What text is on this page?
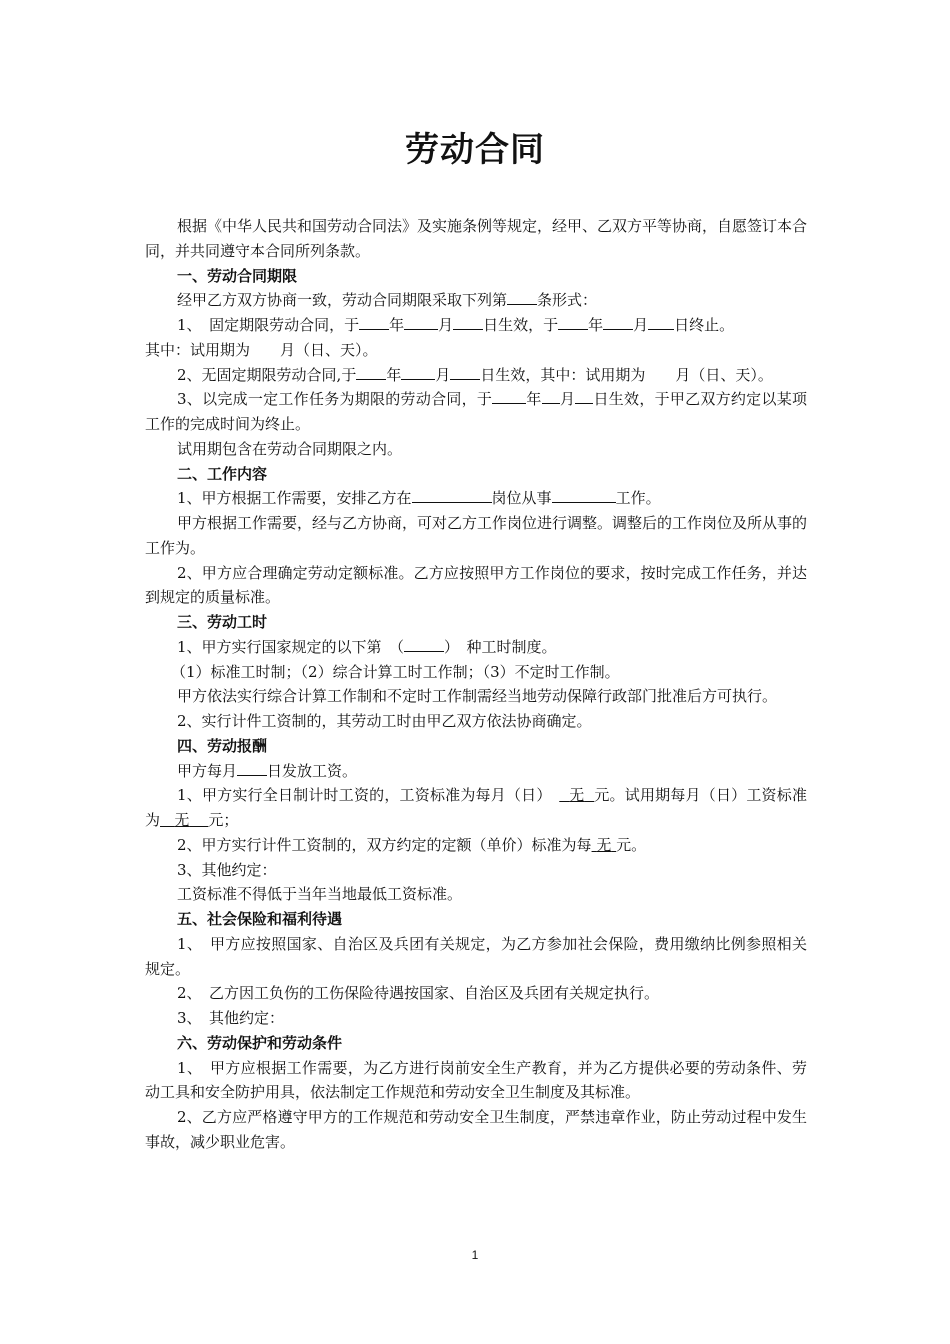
劳动合同

根据《中华人民共和国劳动合同法》及实施条例等规定，经甲、乙双方平等协商，自愿签订本合同，并共同遵守本合同所列条款。

一、劳动合同期限

经甲乙方双方协商一致，劳动合同期限采取下列第 条形式：

1、　 固定期限劳动合同，于 年 月 日生效，于 年 月 日终止。

其中：试用期为　　 月（日、天）。

2、无固定期限劳动合同,于 年 月 日生效，其中：试用期为　　 月（日、天）。

3、以完成一定工作任务为期限的劳动合同，于 年 月 日生效，于甲乙双方约定以某项工作的完成时间为终止。

试用期包含在劳动合同期限之内。

二、工作内容

1、甲方根据工作需要，安排乙方在	岗位从事	工作。

甲方根据工作需要，经与乙方协商，可对乙方工作岗位进行调整。调整后的工作岗位及所从事的工作为。

2、甲方应合理确定劳动定额标准。乙方应按照甲方工作岗位的要求，按时完成工作任务，并达到规定的质量标准。

三、劳动工时

1、甲方实行国家规定的以下第　（	）　种工时制度。

（1）标准工时制；（2）综合计算工时工作制；（3）不定时工作制。

甲方依法实行综合计算工作制和不定时工作制需经当地劳动保障行政部门批准后方可执行。

2、实行计件工资制的，其劳动工时由甲乙双方依法协商确定。

四、劳动报酬

甲方每月 日发放工资。

1、甲方实行全日制计时工资的，工资标准为每月（日）　 无 元。试用期每月（日）工资标准为 无 元；

2、甲方实行计件工资制的，双方约定的定额（单价）标准为每 无 元。

3、其他约定：

工资标准不得低于当年当地最低工资标准。

五、社会保险和福利待遇

1、　甲方应按照国家、自治区及兵团有关规定，为乙方参加社会保险，费用缴纳比例参照相关规定。

2、　乙方因工负伤的工伤保险待遇按国家、自治区及兵团有关规定执行。

3、　其他约定：

六、劳动保护和劳动条件

1、　甲方应根据工作需要，为乙方进行岗前安全生产教育，并为乙方提供必要的劳动条件、劳动工具和安全防护用具，依法制定工作规范和劳动安全卫生制度及其标准。

2、乙方应严格遵守甲方的工作规范和劳动安全卫生制度，严禁违章作业，防止劳动过程中发生事故，减少职业危害。

1
